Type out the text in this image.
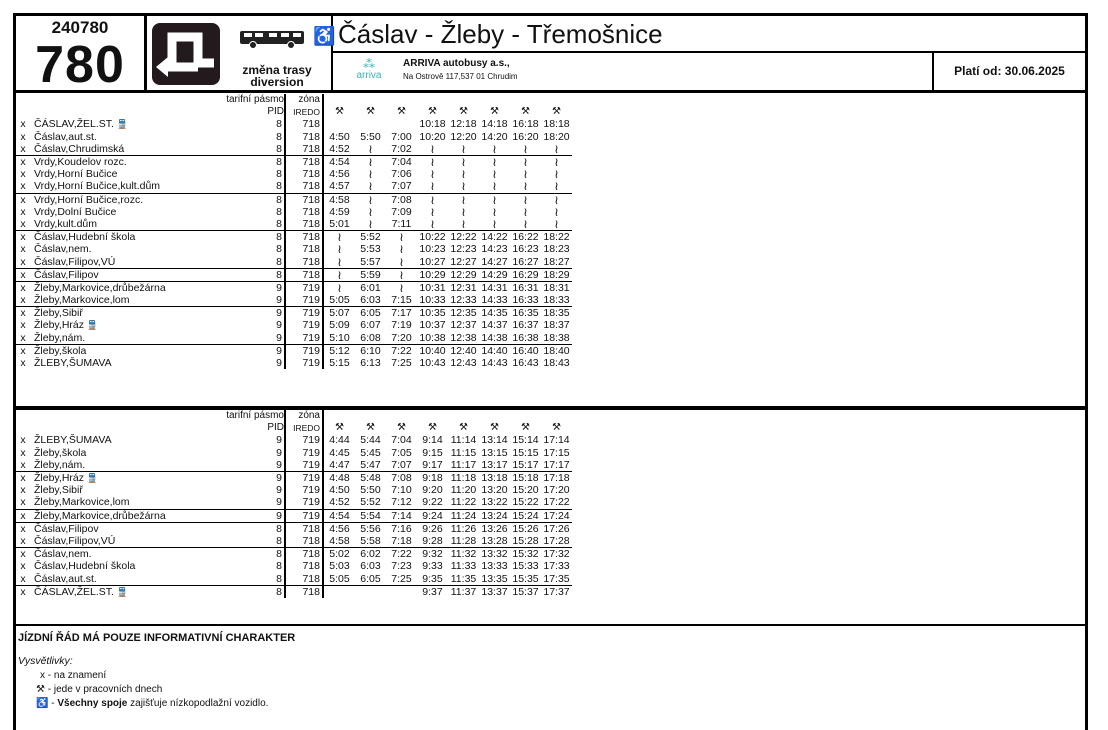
240780
780	♿
změna trasy
diversion
Čáslav - Žleby - Třemošnice
⁂
arriva
ARRIVA autobusy a.s.,
Na Ostrově 117,537 01 Chrudim	Platí od: 30.06.2025
	tarifní pásmo		zóna								
	PID		IREDO	⚒	⚒	⚒	⚒	⚒	⚒	⚒	⚒
x	ČÁSLAV,ŽEL.ST. 🚆	8	718				10:18	12:18	14:18	16:18	18:18
x	Čáslav,aut.st.	8	718	4:50	5:50	7:00	10:20	12:20	14:20	16:20	18:20
x	Čáslav,Chrudimská	8	718	4:52	≀	7:02	≀	≀	≀	≀	≀
x	Vrdy,Koudelov rozc.	8	718	4:54	≀	7:04	≀	≀	≀	≀	≀
x	Vrdy,Horní Bučice	8	718	4:56	≀	7:06	≀	≀	≀	≀	≀
x	Vrdy,Horní Bučice,kult.dům	8	718	4:57	≀	7:07	≀	≀	≀	≀	≀
x	Vrdy,Horní Bučice,rozc.	8	718	4:58	≀	7:08	≀	≀	≀	≀	≀
x	Vrdy,Dolní Bučice	8	718	4:59	≀	7:09	≀	≀	≀	≀	≀
x	Vrdy,kult.dům	8	718	5:01	≀	7:11	≀	≀	≀	≀	≀
x	Čáslav,Hudební škola	8	718	≀	5:52	≀	10:22	12:22	14:22	16:22	18:22
x	Čáslav,nem.	8	718	≀	5:53	≀	10:23	12:23	14:23	16:23	18:23
x	Čáslav,Filipov,VÚ	8	718	≀	5:57	≀	10:27	12:27	14:27	16:27	18:27
x	Čáslav,Filipov	8	718	≀	5:59	≀	10:29	12:29	14:29	16:29	18:29
x	Žleby,Markovice,drůbežárna	9	719	≀	6:01	≀	10:31	12:31	14:31	16:31	18:31
x	Žleby,Markovice,lom	9	719	5:05	6:03	7:15	10:33	12:33	14:33	16:33	18:33
x	Žleby,Sibiř	9	719	5:07	6:05	7:17	10:35	12:35	14:35	16:35	18:35
x	Žleby,Hráz 🚆	9	719	5:09	6:07	7:19	10:37	12:37	14:37	16:37	18:37
x	Žleby,nám.	9	719	5:10	6:08	7:20	10:38	12:38	14:38	16:38	18:38
x	Žleby,škola	9	719	5:12	6:10	7:22	10:40	12:40	14:40	16:40	18:40
x	ŽLEBY,ŠUMAVA	9	719	5:15	6:13	7:25	10:43	12:43	14:43	16:43	18:43
	tarifní pásmo		zóna								
	PID		IREDO	⚒	⚒	⚒	⚒	⚒	⚒	⚒	⚒
x	ŽLEBY,ŠUMAVA	9	719	4:44	5:44	7:04	9:14	11:14	13:14	15:14	17:14
x	Žleby,škola	9	719	4:45	5:45	7:05	9:15	11:15	13:15	15:15	17:15
x	Žleby,nám.	9	719	4:47	5:47	7:07	9:17	11:17	13:17	15:17	17:17
x	Žleby,Hráz 🚆	9	719	4:48	5:48	7:08	9:18	11:18	13:18	15:18	17:18
x	Žleby,Sibiř	9	719	4:50	5:50	7:10	9:20	11:20	13:20	15:20	17:20
x	Žleby,Markovice,lom	9	719	4:52	5:52	7:12	9:22	11:22	13:22	15:22	17:22
x	Žleby,Markovice,drůbežárna	9	719	4:54	5:54	7:14	9:24	11:24	13:24	15:24	17:24
x	Čáslav,Filipov	8	718	4:56	5:56	7:16	9:26	11:26	13:26	15:26	17:26
x	Čáslav,Filipov,VÚ	8	718	4:58	5:58	7:18	9:28	11:28	13:28	15:28	17:28
x	Čáslav,nem.	8	718	5:02	6:02	7:22	9:32	11:32	13:32	15:32	17:32
x	Čáslav,Hudební škola	8	718	5:03	6:03	7:23	9:33	11:33	13:33	15:33	17:33
x	Čáslav,aut.st.	8	718	5:05	6:05	7:25	9:35	11:35	13:35	15:35	17:35
x	ČÁSLAV,ŽEL.ST. 🚆	8	718				9:37	11:37	13:37	15:37	17:37
JÍZDNÍ ŘÁD MÁ POUZE INFORMATIVNÍ CHARAKTER
Vysvětlivky:
x - na znamení
⚒ - jede v pracovních dnech
♿ - Všechny spoje zajišťuje nízkopodlažní vozidlo.
